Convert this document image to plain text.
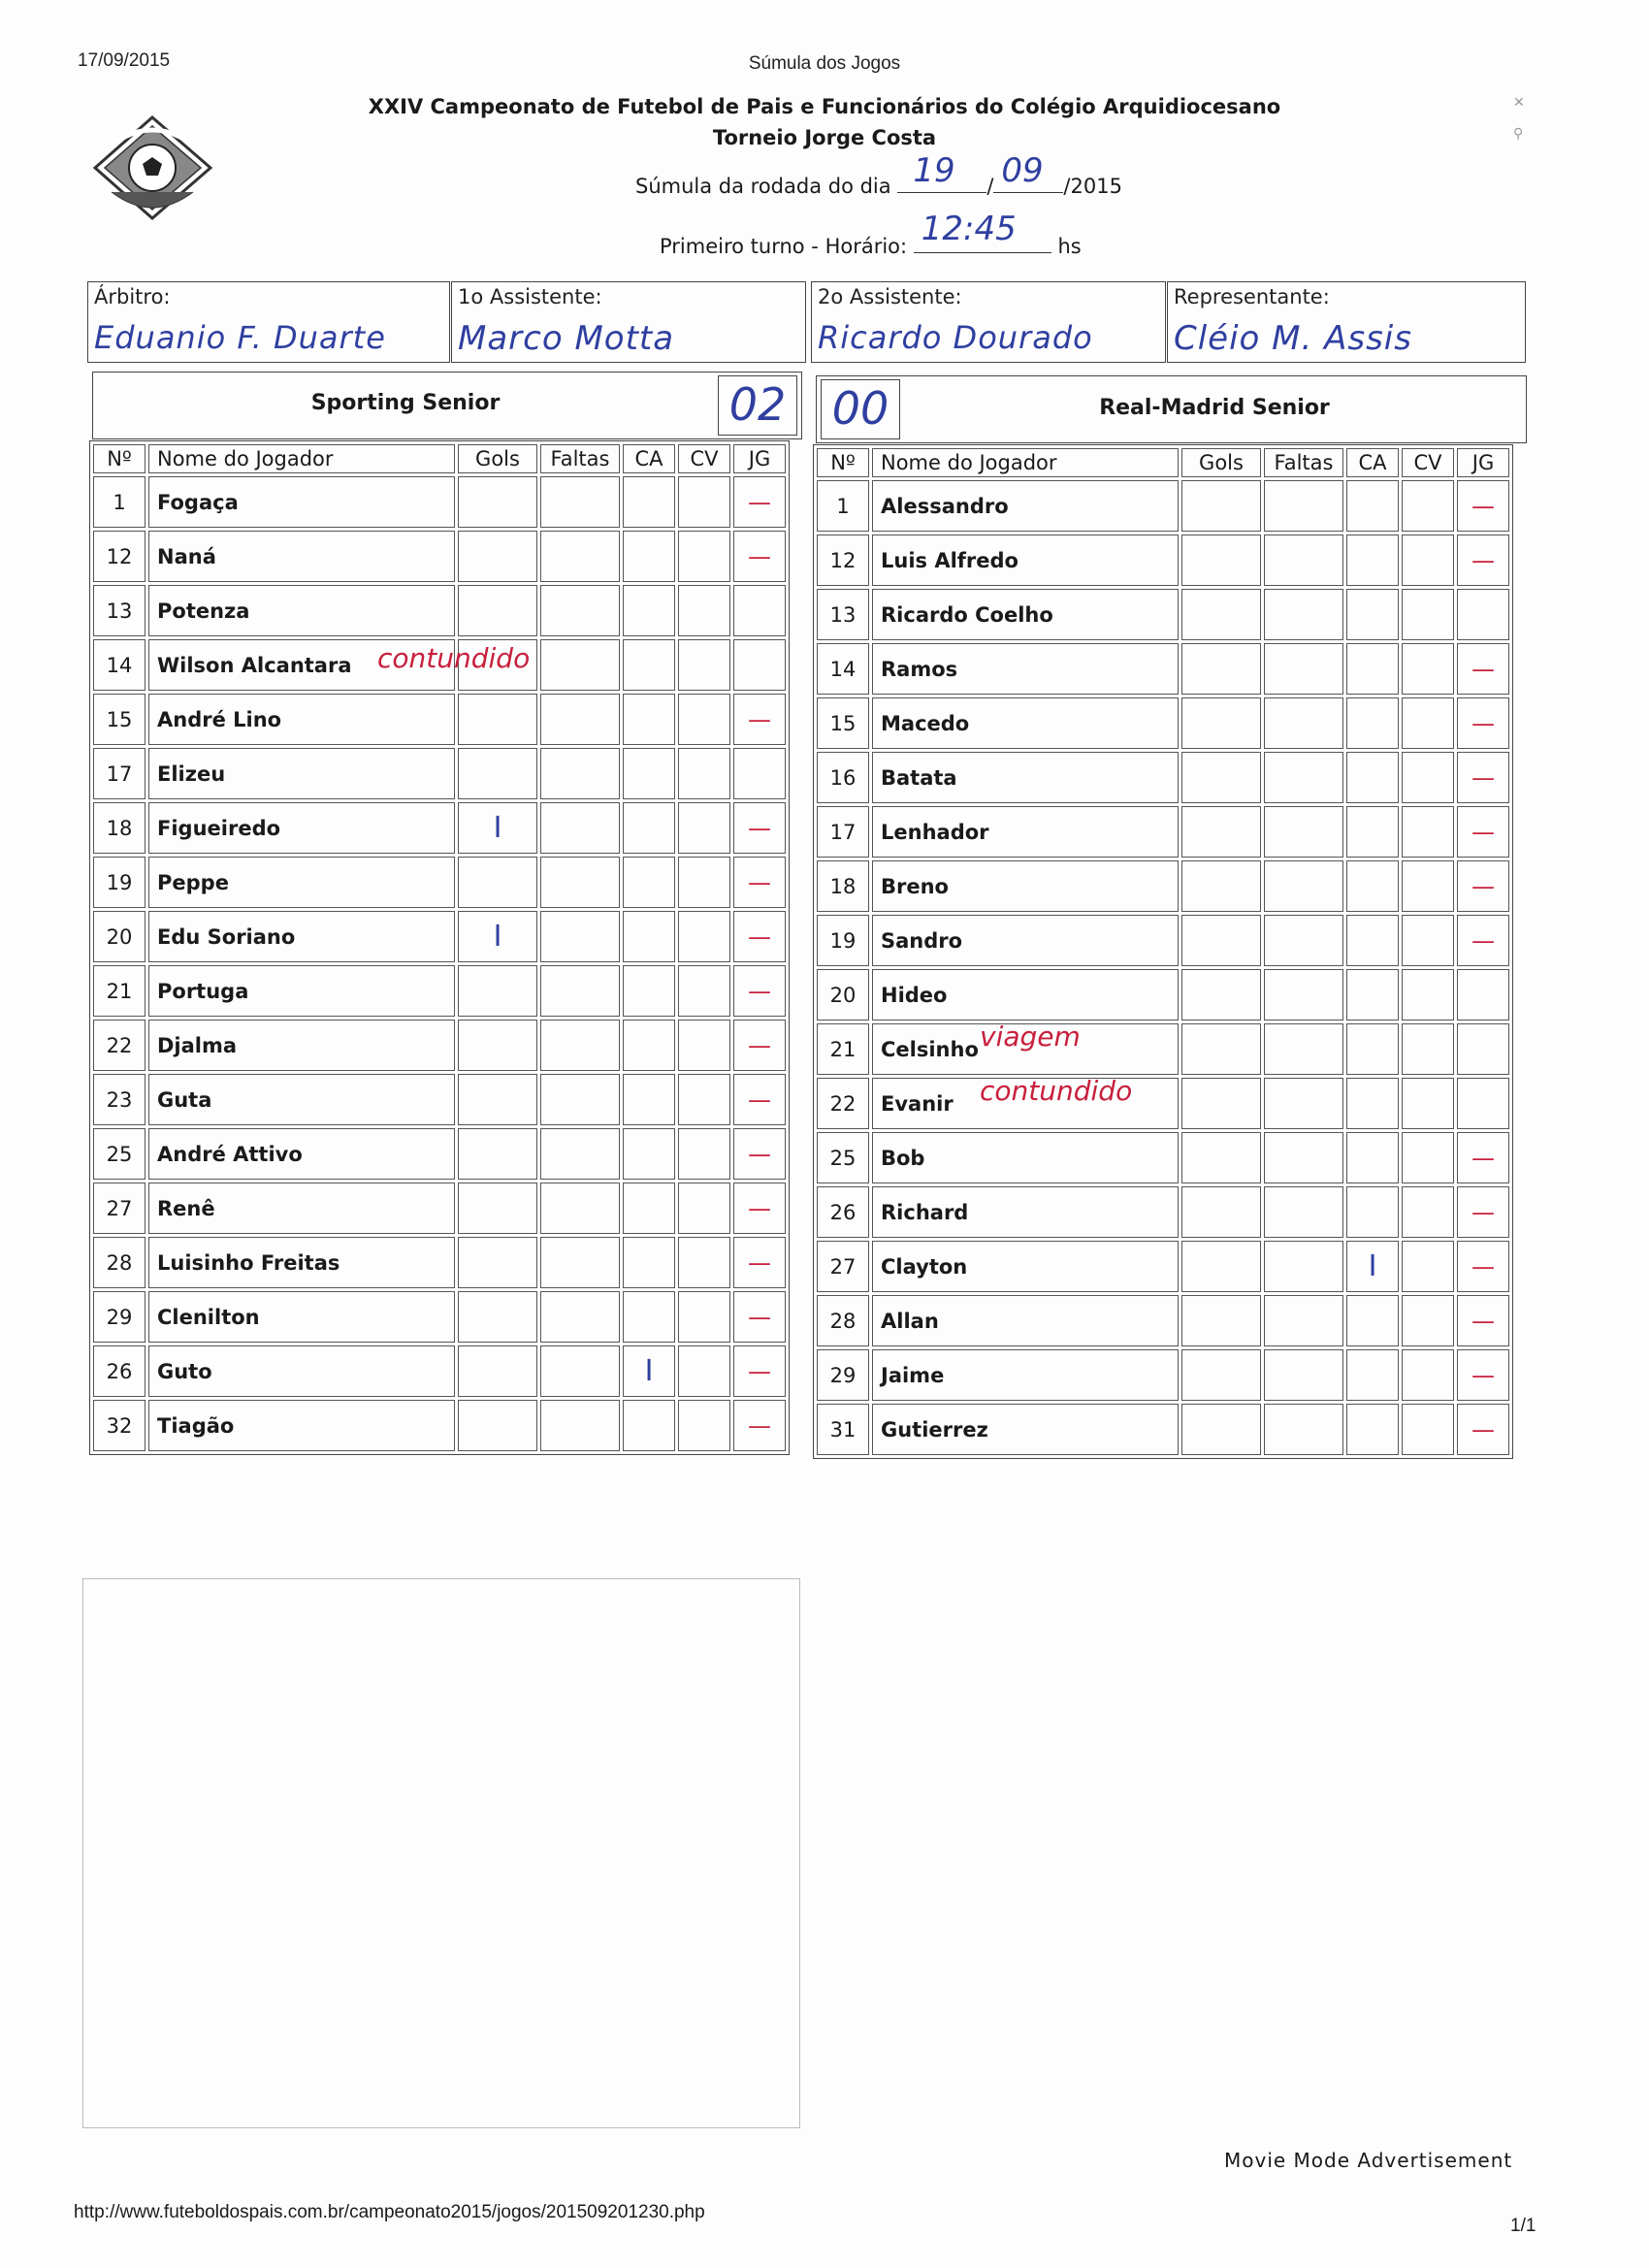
17/09/2015	Súmula dos Jogos
✕
⚲
XXIV Campeonato de Futebol de Pais e Funcionários do Colégio Arquidiocesano
Torneio Jorge Costa
Súmula da rodada do dia 19 / 09 /2015
Primeiro turno - Horário: 12:45 hs
Árbitro:
Eduanio F. Duarte
1o Assistente:
Marco Motta
2o Assistente:
Ricardo Dourado
Representante:
Cléio M. Assis
Sporting Senior	02 00	Real-Madrid Senior
Nº	Nome do Jogador	Gols	Faltas	CA	CV	JG
1	Fogaça					—
12	Naná					—
13	Potenza					
14	Wilson Alcantara contundido					

15	André Lino					—
17	Elizeu					
18	Figueiredo	I				—
19	Peppe					—
20	Edu Soriano	I				—
21	Portuga					—
22	Djalma					—
23	Guta					—
25	André Attivo					—
27	Renê					—
28	Luisinho Freitas					—
29	Clenilton					—
26	Guto			I		—
32	Tiagão					—
Nº	Nome do Jogador	Gols	Faltas	CA	CV	JG
1	Alessandro					—
12	Luis Alfredo					—
13	Ricardo Coelho					
14	Ramos					—
15	Macedo					—
16	Batata					—
17	Lenhador					—
18	Breno					—
19	Sandro					—
20	Hideo					
21	Celsinho viagem					

22	Evanir contundido					

25	Bob					—
26	Richard					—
27	Clayton			I		—
28	Allan					—
29	Jaime					—
31	Gutierrez					—
Movie Mode Advertisement
http://www.futeboldospais.com.br/campeonato2015/jogos/201509201230.php
1/1
